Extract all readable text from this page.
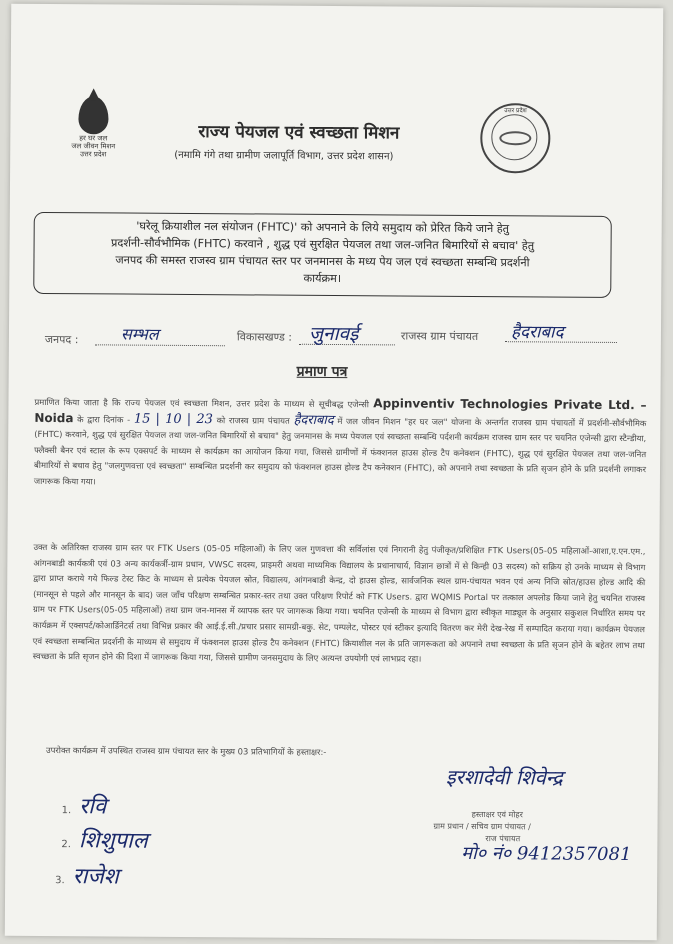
हर घर जल
जल जीवन मिशन
उत्तर प्रदेश
राज्य पेयजल एवं स्वच्छता मिशन
(नमामि गंगे तथा ग्रामीण जलापूर्ति विभाग, उत्तर प्रदेश शासन)
उत्तर प्रदेश
'घरेलू क्रियाशील नल संयोजन (FHTC)' को अपनाने के लिये समुदाय को प्रेरित किये जाने हेतु
प्रदर्शनी-सौर्वभौमिक (FHTC) करवाने , शुद्ध एवं सुरक्षित पेयजल तथा जल-जनित बिमारियों से बचाव' हेतु
जनपद की समस्त राजस्व ग्राम पंचायत स्तर पर जनमानस के मध्य पेय जल एवं स्वच्छता सम्बन्धि प्रदर्शनी
कार्यक्रम।
जनपद :	सम्भल	विकासखण्ड : जुनावई	राजस्व ग्राम पंचायत हैदराबाद
प्रमाण पत्र

प्रमाणित किया जाता है कि राज्य पेयजल एवं स्वच्छता मिशन, उत्तर प्रदेश के माध्यम से सूचीबद्ध एजेन्सी Appinventiv Technologies Private Ltd. – Noida के द्वारा दिनांक - 15 | 10 | 23 को राजस्व ग्राम पंचायत हैदराबाद में जल जीवन मिशन "हर घर जल" योजना के अन्तर्गत राजस्व ग्राम पंचायतों में प्रदर्शनी-सौर्वभौमिक (FHTC) करवाने, शुद्ध एवं सुरक्षित पेयजल तथा जल-जनित बिमारियों से बचाव" हेतु जनमानस के मध्य पेयजल एवं स्वच्छता सम्बन्धि पर्दशनी कार्यक्रम राजस्व ग्राम स्तर पर चयनित एजेन्सी द्वारा स्टैन्डीया, फ्लैक्सी बैनर एवं स्टाल के रूप एक्सपर्ट के माध्यम से कार्यक्रम का आयोजन किया गया, जिससे ग्रामीणों में फंक्शनल हाउस होल्ड टैप कनेक्शन (FHTC), शुद्ध एवं सुरक्षित पेयजल तथा जल-जनित बीमारियों से बचाव हेतु "जलगुणवत्ता एवं स्वच्छता" सम्बन्धित प्रदर्शनी कर समुदाय को फंक्शनल हाउस होल्ड टैप कनेक्शन (FHTC), को अपनाने तथा स्वच्छता के प्रति सृजन होने के प्रति प्रदर्शनी लगाकर जागरूक किया गया।

उक्त के अतिरिक्त राजस्व ग्राम स्तर पर FTK Users (05-05 महिलाओं) के लिए जल गुणवत्ता की सर्विलांस एवं निगरानी हेतु पंजीकृत/प्रशिक्षित FTK Users(05-05 महिलाओं-आशा,ए.एन.एम., आंगनबाडी कार्यकत्री एवं 03 अन्य कार्यकर्त्री-ग्राम प्रधान, VWSC सदस्य, प्राइमरी अथवा माध्यमिक विद्यालय के प्रधानाचार्य, विज्ञान छात्रों में से किन्ही 03 सदस्य) को सक्रिय हो उनके माध्यम से विभाग द्वारा प्राप्त कराये गये फिल्ड टेस्ट किट के माध्यम से प्रत्येक पेयजल स्रोत, विद्यालय, आंगनबाडी केन्द्र, दो हाउस होल्ड, सार्वजनिक स्थल ग्राम-पंचायत भवन एवं अन्य निजि स्रोत/हाउस होल्ड आदि की (मानसून से पहले और मानसून के बाद) जल जाँच परिक्षण सम्बन्धित प्रकार-स्तर तथा उक्त परिक्षण रिपोर्ट को FTK Users. द्वारा WQMIS Portal पर तत्काल अपलोड किया जाने हेतु चयनित राजस्व ग्राम पर FTK Users(05-05 महिलाओं) तथा ग्राम जन-मानस में व्यापक स्तर पर जागरूक किया गया। चयनित एजेन्सी के माध्यम से विभाग द्वारा स्वीकृत माड्यूल के अनुसार सकुशल निर्धारित समय पर कार्यक्रम में एक्सपर्ट/कोआर्डिनेटर्स तथा विभिन्न प्रकार की आई.ई.सी./प्रचार प्रसार सामग्री-बकु. सेट, पम्पलेट, पोस्टर एवं स्टीकर इत्यादि वितरण कर मेरी देख-रेख में सम्पादित कराया गया। कार्यक्रम पेयजल एवं स्वच्छता सम्बन्धित प्रदर्शनी के माध्यम से समुदाय में फंक्शनल हाउस होल्ड टैप कनेक्शन (FHTC) क्रियाशील नल के प्रति जागरूकता को अपनाने तथा स्वच्छता के प्रति सृजन होने के बहेतर लाभ तथा स्वच्छता के प्रति सृजन होने की दिशा में जागरूक किया गया, जिससे ग्रामीण जनसमुदाय के लिए अत्यन्त उपयोगी एवं लाभप्रद रहा।

उपरोक्त कार्यक्रम में उपस्थित राजस्व ग्राम पंचायत स्तर के मुख्य 03 प्रतिभागियों के हस्ताक्षर:-

1. रवि
2. शिशुपाल
3. राजेश
इरशादेवी शिवेन्द्र
हस्ताक्षर एवं मोहर
ग्राम प्रधान / सचिव ग्राम पंचायत /
राज पंचायत
मो० नं० 9412357081
